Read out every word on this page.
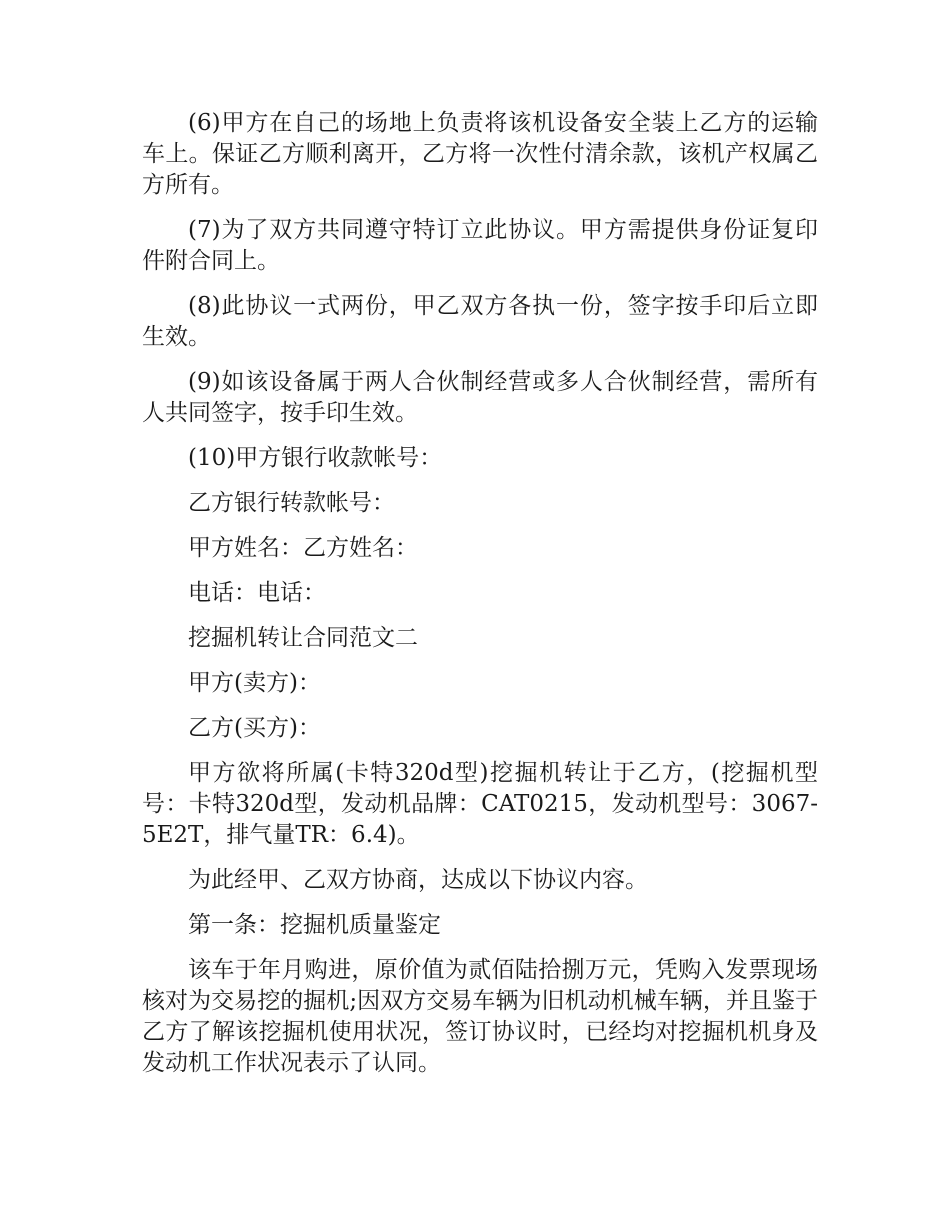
(6)甲方在自己的场地上负责将该机设备安全装上乙方的运输车上。保证乙方顺利离开，乙方将一次性付清余款，该机产权属乙方所有。

(7)为了双方共同遵守特订立此协议。甲方需提供身份证复印件附合同上。

(8)此协议一式两份，甲乙双方各执一份，签字按手印后立即生效。

(9)如该设备属于两人合伙制经营或多人合伙制经营，需所有人共同签字，按手印生效。

(10)甲方银行收款帐号：

乙方银行转款帐号：

甲方姓名：乙方姓名：

电话：电话：

挖掘机转让合同范文二

甲方(卖方)：

乙方(买方)：

甲方欲将所属(卡特320d型)挖掘机转让于乙方，(挖掘机型号：卡特320d型，发动机品牌：CAT0215，发动机型号：3067-5E2T，排气量TR：6.4)。

为此经甲、乙双方协商，达成以下协议内容。

第一条：挖掘机质量鉴定

该车于年月购进，原价值为贰佰陆拾捌万元，凭购入发票现场核对为交易挖的掘机;因双方交易车辆为旧机动机械车辆，并且鉴于乙方了解该挖掘机使用状况，签订协议时，已经均对挖掘机机身及发动机工作状况表示了认同。
